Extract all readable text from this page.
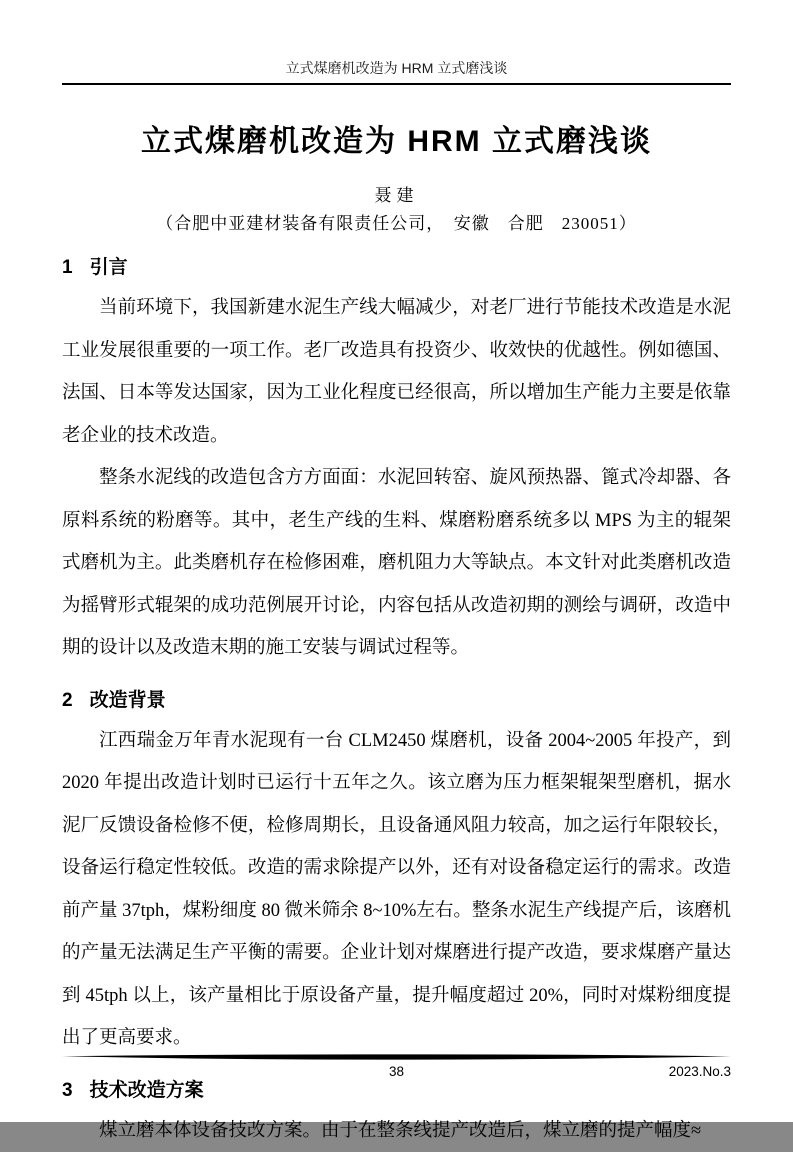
立式煤磨机改造为 HRM 立式磨浅谈
立式煤磨机改造为 HRM 立式磨浅谈
聂建
（合肥中亚建材装备有限责任公司，　安徽　合肥　230051）
1 引言

当前环境下，我国新建水泥生产线大幅减少，对老厂进行节能技术改造是水泥工业发展很重要的一项工作。老厂改造具有投资少、收效快的优越性。例如德国、法国、日本等发达国家，因为工业化程度已经很高，所以增加生产能力主要是依靠老企业的技术改造。

整条水泥线的改造包含方方面面：水泥回转窑、旋风预热器、篦式冷却器、各原料系统的粉磨等。其中，老生产线的生料、煤磨粉磨系统多以 MPS 为主的辊架式磨机为主。此类磨机存在检修困难，磨机阻力大等缺点。本文针对此类磨机改造为摇臂形式辊架的成功范例展开讨论，内容包括从改造初期的测绘与调研，改造中期的设计以及改造末期的施工安装与调试过程等。

2 改造背景

江西瑞金万年青水泥现有一台 CLM2450 煤磨机，设备 2004~2005 年投产，到 2020 年提出改造计划时已运行十五年之久。该立磨为压力框架辊架型磨机，据水泥厂反馈设备检修不便，检修周期长，且设备通风阻力较高，加之运行年限较长，设备运行稳定性较低。改造的需求除提产以外，还有对设备稳定运行的需求。改造前产量 37tph，煤粉细度 80 微米筛余 8~10%左右。整条水泥生产线提产后，该磨机的产量无法满足生产平衡的需要。企业计划对煤磨进行提产改造，要求煤磨产量达到 45tph 以上，该产量相比于原设备产量，提升幅度超过 20%，同时对煤粉细度提出了更高要求。

3 技术改造方案

煤立磨本体设备技改方案。由于在整条线提产改造后，煤立磨的提产幅度≈

38	2023.No.3
